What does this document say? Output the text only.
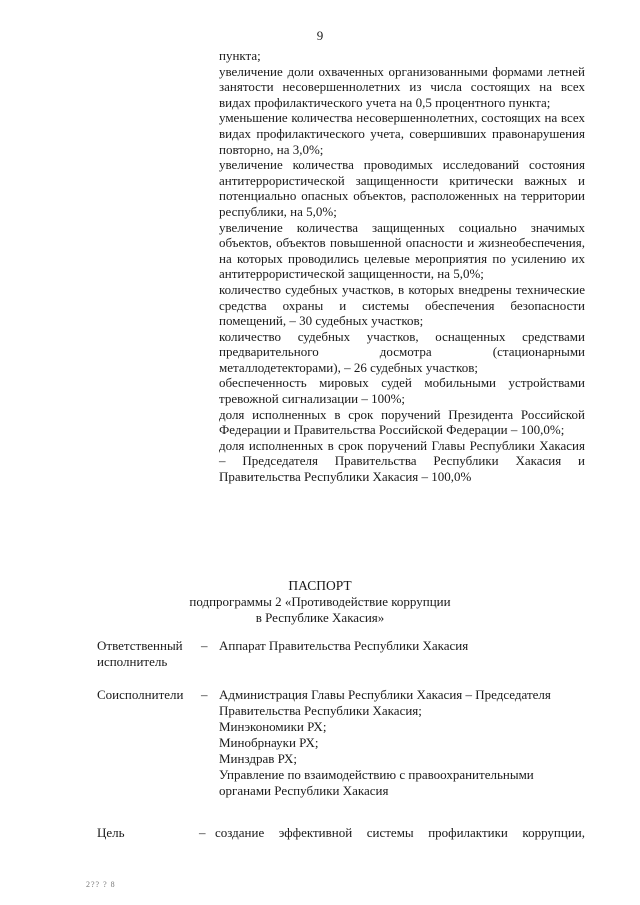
9

пункта;

увеличение доли охваченных организованными формами летней занятости несовершеннолетних из числа состоящих на всех видах профилактического учета на 0,5 процентного пункта;

уменьшение количества несовершеннолетних, состоящих на всех видах профилактического учета, совершивших правонарушения повторно, на 3,0%;

увеличение количества проводимых исследований состояния антитеррористической защищенности критически важных и потенциально опасных объектов, расположенных на территории республики, на 5,0%;

увеличение количества защищенных социально значимых объектов, объектов повышенной опасности и жизнеобеспечения, на которых проводились целевые мероприятия по усилению их антитеррористической защищенности, на 5,0%;

количество судебных участков, в которых внедрены технические средства охраны и системы обеспечения безопасности помещений, – 30 судебных участков;

количество судебных участков, оснащенных средствами предварительного досмотра (стационарными металлодетекторами), – 26 судебных участков;

обеспеченность мировых судей мобильными устройствами тревожной сигнализации – 100%;

доля исполненных в срок поручений Президента Российской Федерации и Правительства Российской Федерации – 100,0%;

доля исполненных в срок поручений Главы Республики Хакасия – Председателя Правительства Республики Хакасия и Правительства Республики Хакасия – 100,0%

ПАСПОРТ
подпрограммы 2 «Противодействие коррупции
в Республике Хакасия»
Ответственный
исполнитель
– Аппарат Правительства Республики Хакасия
Соисполнители	– Администрация Главы Республики Хакасия – Председателя
Правительства Республики Хакасия;
Минэкономики РХ;
Минобрнауки РХ;
Минздрав РХ;
Управление по взаимодействию с правоохранительными
органами Республики Хакасия
Цель	– создание эффективной системы профилактики коррупции,
2?? ? 8
